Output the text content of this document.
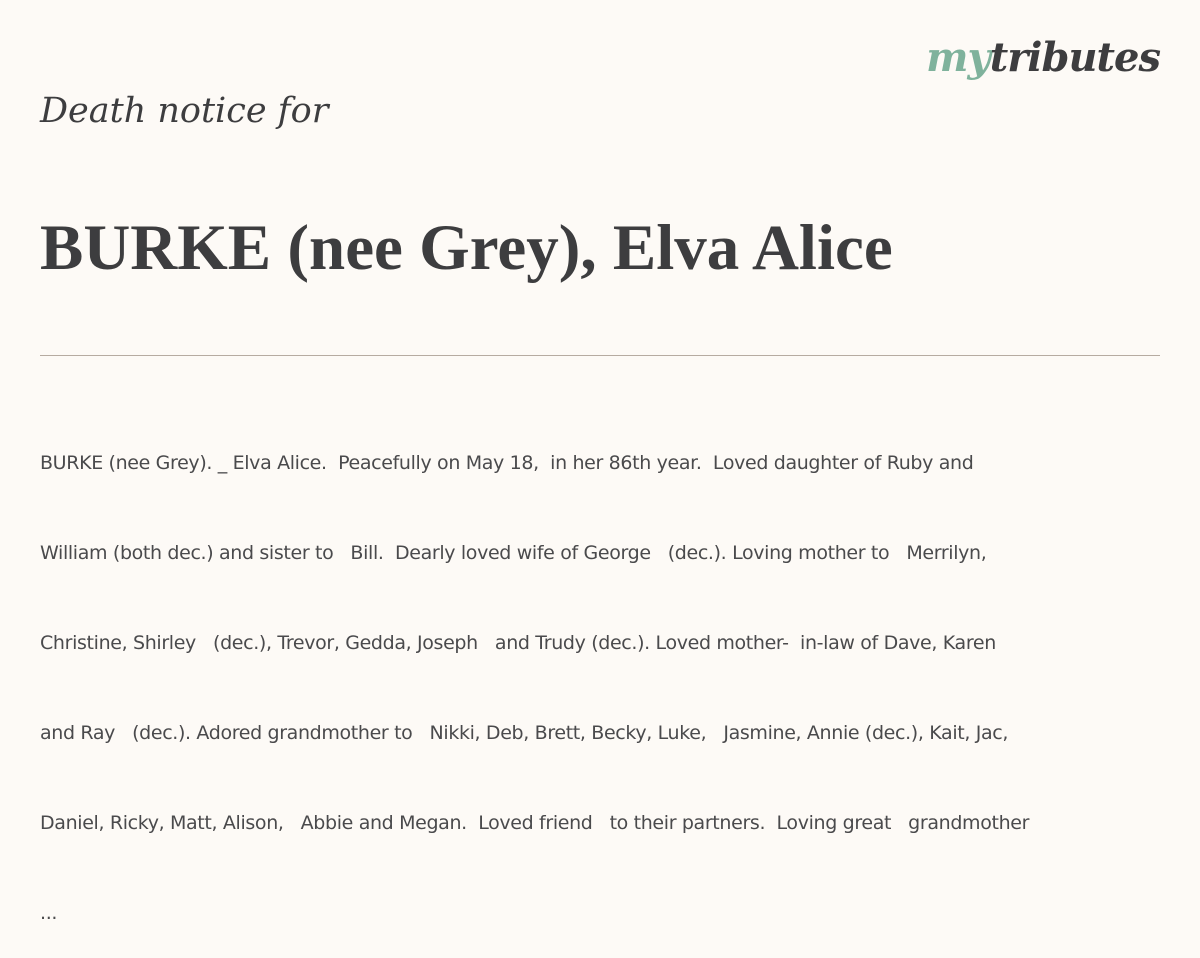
mytributes
Death notice for
BURKE (nee Grey), Elva Alice

BURKE (nee Grey). _ Elva Alice.  Peacefully on May 18,  in her 86th year.  Loved daughter of Ruby and

William (both dec.) and sister to   Bill.  Dearly loved wife of George   (dec.). Loving mother to   Merrilyn,

Christine, Shirley   (dec.), Trevor, Gedda, Joseph   and Trudy (dec.). Loved mother-  in-law of Dave, Karen

and Ray   (dec.). Adored grandmother to   Nikki, Deb, Brett, Becky, Luke,   Jasmine, Annie (dec.), Kait, Jac,

Daniel, Ricky, Matt, Alison,   Abbie and Megan.  Loved friend   to their partners.  Loving great   grandmother

...
